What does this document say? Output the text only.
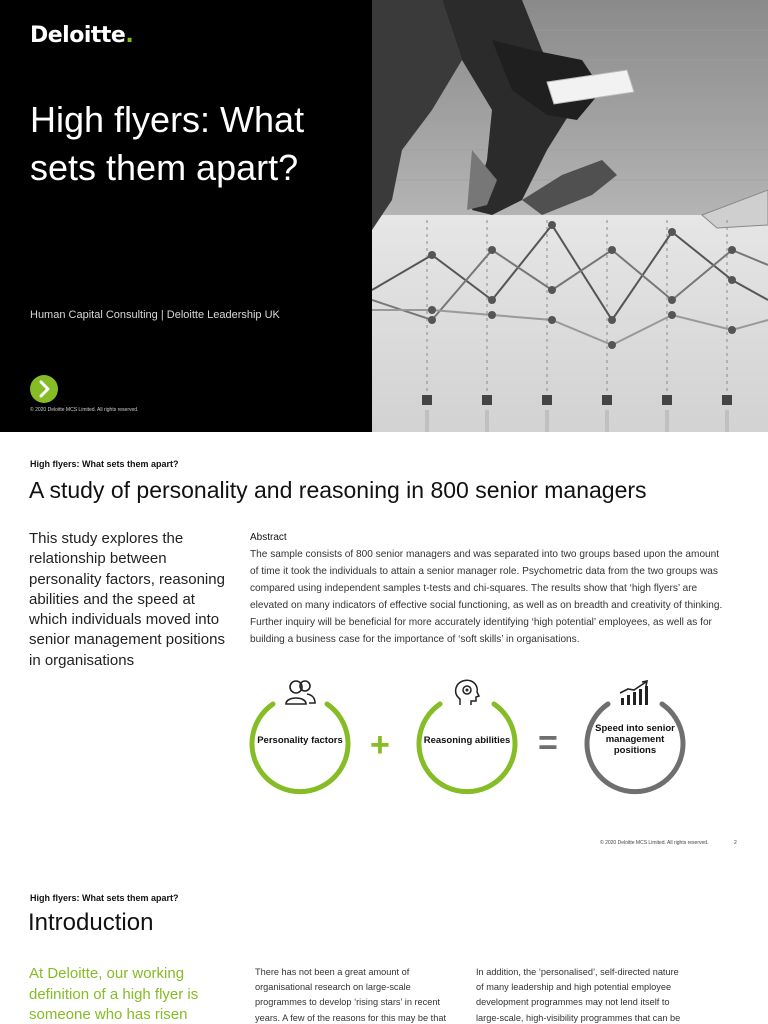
Deloitte.
High flyers: What sets them apart?
Human Capital Consulting | Deloitte Leadership UK
© 2020 Deloitte MCS Limited. All rights reserved.
High flyers: What sets them apart?
A study of personality and reasoning in 800 senior managers

This study explores the relationship between personality factors, reasoning abilities and the speed at which individuals moved into senior management positions in organisations

Abstract

The sample consists of 800 senior managers and was separated into two groups based upon the amount of time it took the individuals to attain a senior manager role. Psychometric data from the two groups was compared using independent samples t-tests and chi-squares. The results show that ‘high flyers’ are elevated on many indicators of effective social functioning, as well as on breadth and creativity of thinking. Further inquiry will be beneficial for more accurately identifying ‘high potential’ employees, as well as for building a business case for the importance of ‘soft skills’ in organisations.

Personality factors +	Reasoning abilities =	Speed into senior management positions
© 2020 Deloitte MCS Limited. All rights reserved.	2
High flyers: What sets them apart?
Introduction

At Deloitte, our working definition of a high flyer is someone who has risen

There has not been a great amount of organisational research on large-scale programmes to develop ‘rising stars’ in recent years. A few of the reasons for this may be that

In addition, the ‘personalised’, self-directed nature of many leadership and high potential employee development programmes may not lend itself to large-scale, high-visibility programmes that can be
